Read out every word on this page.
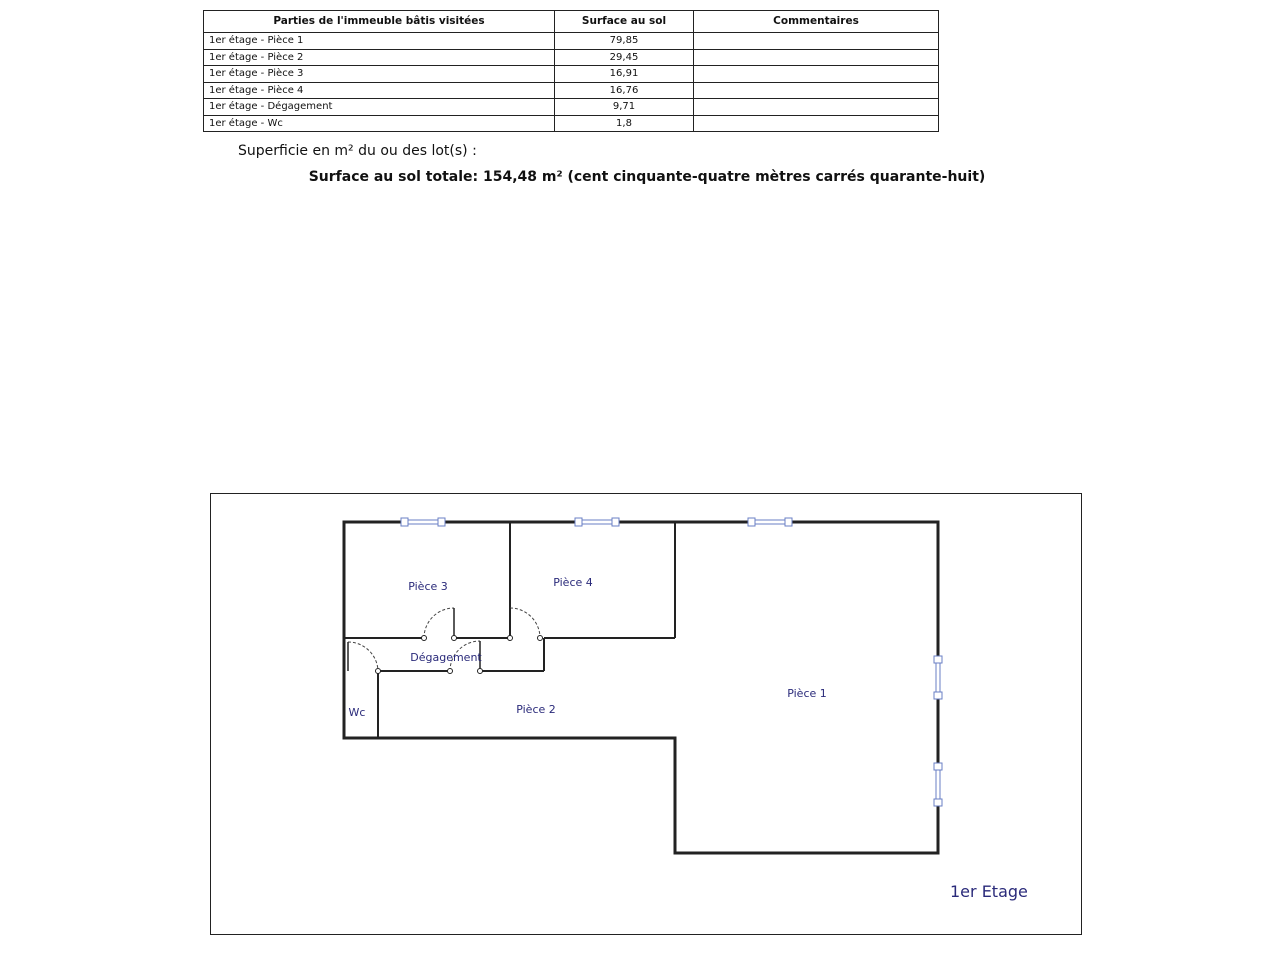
Parties de l'immeuble bâtis visitées	Surface au sol	Commentaires
1er étage - Pièce 1	79,85	
1er étage - Pièce 2	29,45	
1er étage - Pièce 3	16,91	
1er étage - Pièce 4	16,76	
1er étage - Dégagement	9,71	
1er étage - Wc	1,8	
Superficie en m² du ou des lot(s) :
Surface au sol totale: 154,48 m² (cent cinquante-quatre mètres carrés quarante-huit)
Pièce 3	Pièce 4
Dégagement
Pièce 2
Pièce 1
Wc
1er Etage
